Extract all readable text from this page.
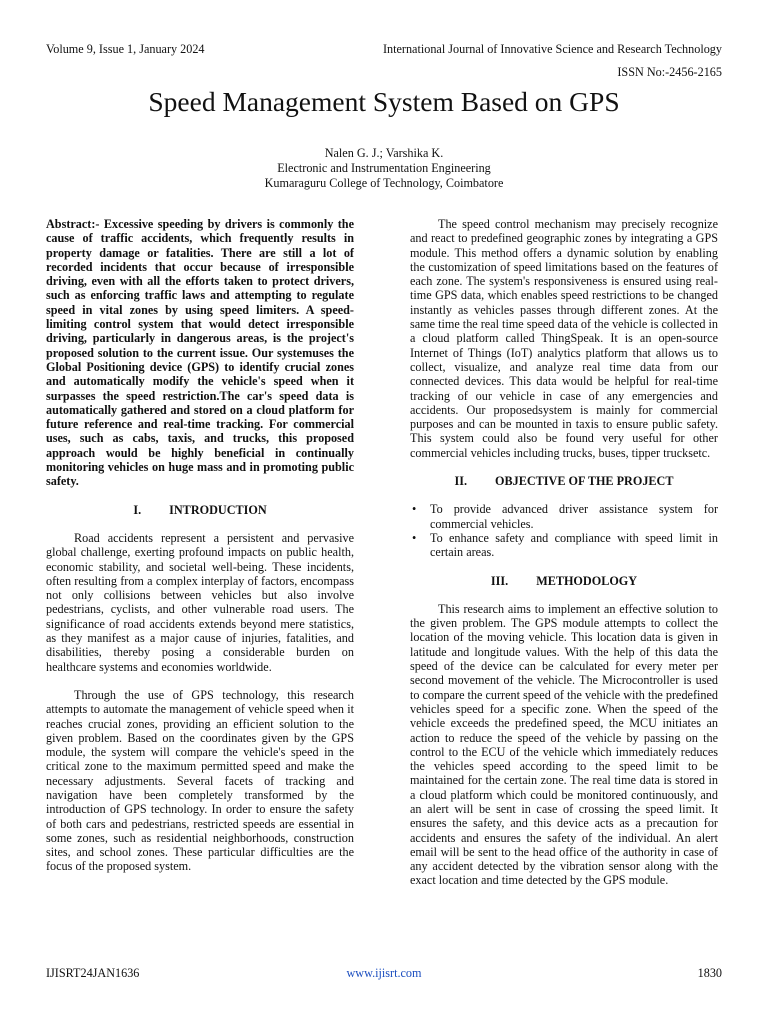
Volume 9, Issue 1, January 2024	International Journal of Innovative Science and Research Technology
ISSN No:-2456-2165
Speed Management System Based on GPS
Nalen G. J.; Varshika K.
Electronic and Instrumentation Engineering
Kumaraguru College of Technology, Coimbatore

Abstract:- Excessive speeding by drivers is commonly the cause of traffic accidents, which frequently results in property damage or fatalities. There are still a lot of recorded incidents that occur because of irresponsible driving, even with all the efforts taken to protect drivers, such as enforcing traffic laws and attempting to regulate speed in vital zones by using speed limiters. A speed-limiting control system that would detect irresponsible driving, particularly in dangerous areas, is the project's proposed solution to the current issue. Our systemuses the Global Positioning device (GPS) to identify crucial zones and automatically modify the vehicle's speed when it surpasses the speed restriction.The car's speed data is automatically gathered and stored on a cloud platform for future reference and real-time tracking. For commercial uses, such as cabs, taxis, and trucks, this proposed approach would be highly beneficial in continually monitoring vehicles on huge mass and in promoting public safety.

I. INTRODUCTION

Road accidents represent a persistent and pervasive global challenge, exerting profound impacts on public health, economic stability, and societal well-being. These incidents, often resulting from a complex interplay of factors, encompass not only collisions between vehicles but also involve pedestrians, cyclists, and other vulnerable road users. The significance of road accidents extends beyond mere statistics, as they manifest as a major cause of injuries, fatalities, and disabilities, thereby posing a considerable burden on healthcare systems and economies worldwide.

Through the use of GPS technology, this research attempts to automate the management of vehicle speed when it reaches crucial zones, providing an efficient solution to the given problem. Based on the coordinates given by the GPS module, the system will compare the vehicle's speed in the critical zone to the maximum permitted speed and make the necessary adjustments. Several facets of tracking and navigation have been completely transformed by the introduction of GPS technology. In order to ensure the safety of both cars and pedestrians, restricted speeds are essential in some zones, such as residential neighborhoods, construction sites, and school zones. These particular difficulties are the focus of the proposed system.

The speed control mechanism may precisely recognize and react to predefined geographic zones by integrating a GPS module. This method offers a dynamic solution by enabling the customization of speed limitations based on the features of each zone. The system's responsiveness is ensured using real-time GPS data, which enables speed restrictions to be changed instantly as vehicles passes through different zones. At the same time the real time speed data of the vehicle is collected in a cloud platform called ThingSpeak. It is an open-source Internet of Things (IoT) analytics platform that allows us to collect, visualize, and analyze real time data from our connected devices. This data would be helpful for real-time tracking of our vehicle in case of any emergencies and accidents. Our proposedsystem is mainly for commercial purposes and can be mounted in taxis to ensure public safety. This system could also be found very useful for other commercial vehicles including trucks, buses, tipper trucksetc.

II. OBJECTIVE OF THE PROJECT
• To provide advanced driver assistance system for commercial vehicles.
• To enhance safety and compliance with speed limit in certain areas.
III. METHODOLOGY

This research aims to implement an effective solution to the given problem. The GPS module attempts to collect the location of the moving vehicle. This location data is given in latitude and longitude values. With the help of this data the speed of the device can be calculated for every meter per second movement of the vehicle. The Microcontroller is used to compare the current speed of the vehicle with the predefined vehicles speed for a specific zone. When the speed of the vehicle exceeds the predefined speed, the MCU initiates an action to reduce the speed of the vehicle by passing on the control to the ECU of the vehicle which immediately reduces the vehicles speed according to the speed limit to be maintained for the certain zone. The real time data is stored in a cloud platform which could be monitored continuously, and an alert will be sent in case of crossing the speed limit. It ensures the safety, and this device acts as a precaution for accidents and ensures the safety of the individual. An alert email will be sent to the head office of the authority in case of any accident detected by the vibration sensor along with the exact location and time detected by the GPS module.

IJISRT24JAN1636	www.ijisrt.com	1830
